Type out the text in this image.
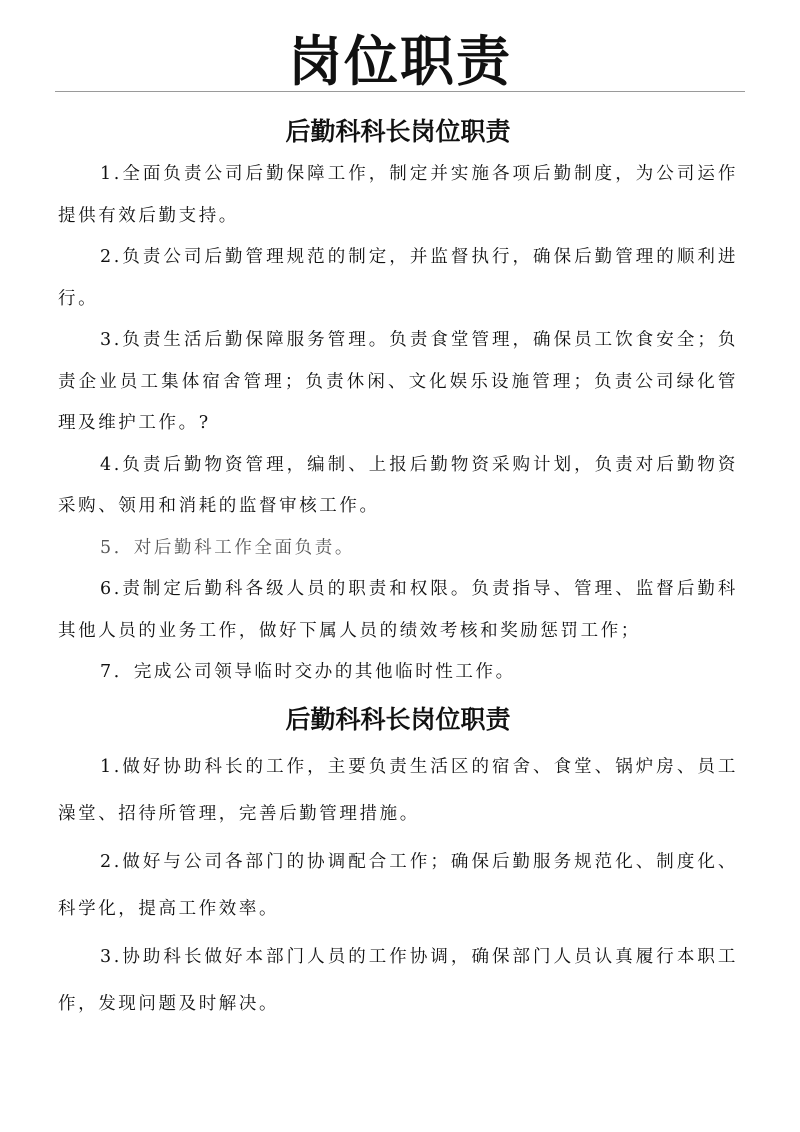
岗位职责
后勤科科长岗位职责

1.全面负责公司后勤保障工作，制定并实施各项后勤制度，为公司运作提供有效后勤支持。

2.负责公司后勤管理规范的制定，并监督执行，确保后勤管理的顺利进行。

3.负责生活后勤保障服务管理。负责食堂管理，确保员工饮食安全；负责企业员工集体宿舍管理；负责休闲、文化娱乐设施管理；负责公司绿化管理及维护工作。?

4.负责后勤物资管理，编制、上报后勤物资采购计划，负责对后勤物资采购、领用和消耗的监督审核工作。

5．对后勤科工作全面负责。

6.责制定后勤科各级人员的职责和权限。负责指导、管理、监督后勤科其他人员的业务工作，做好下属人员的绩效考核和奖励惩罚工作；

7．完成公司领导临时交办的其他临时性工作。

后勤科科长岗位职责

1.做好协助科长的工作，主要负责生活区的宿舍、食堂、锅炉房、员工澡堂、招待所管理，完善后勤管理措施。

2.做好与公司各部门的协调配合工作；确保后勤服务规范化、制度化、科学化，提高工作效率。

3.协助科长做好本部门人员的工作协调，确保部门人员认真履行本职工作，发现问题及时解决。
